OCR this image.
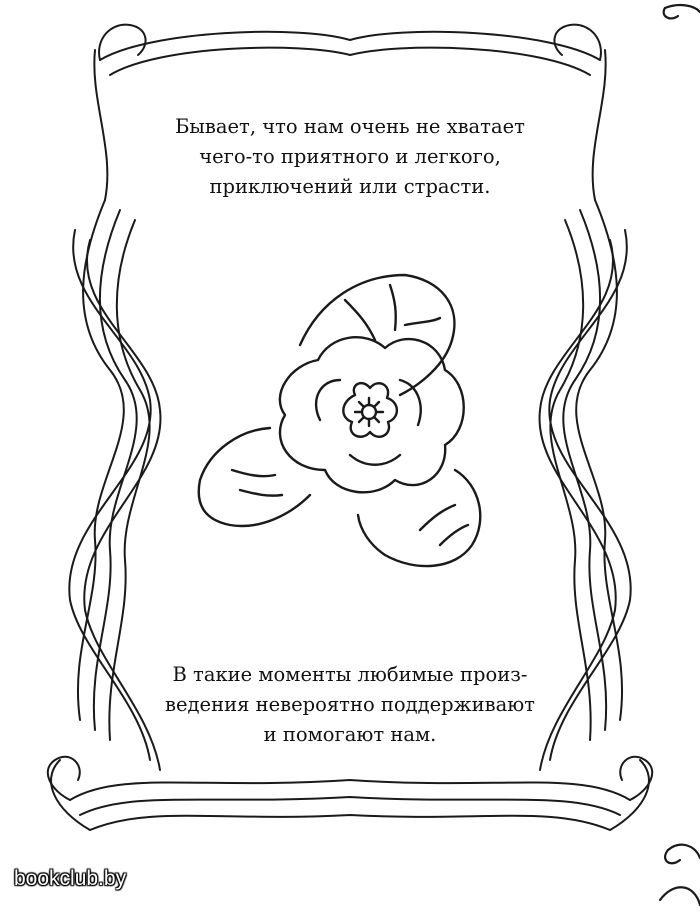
Бывает, что нам очень не хватает
чего-то приятного и легкого,
приключений или страсти.
В такие моменты любимые произ-
ведения невероятно поддерживают
и помогают нам.
bookclub.by
